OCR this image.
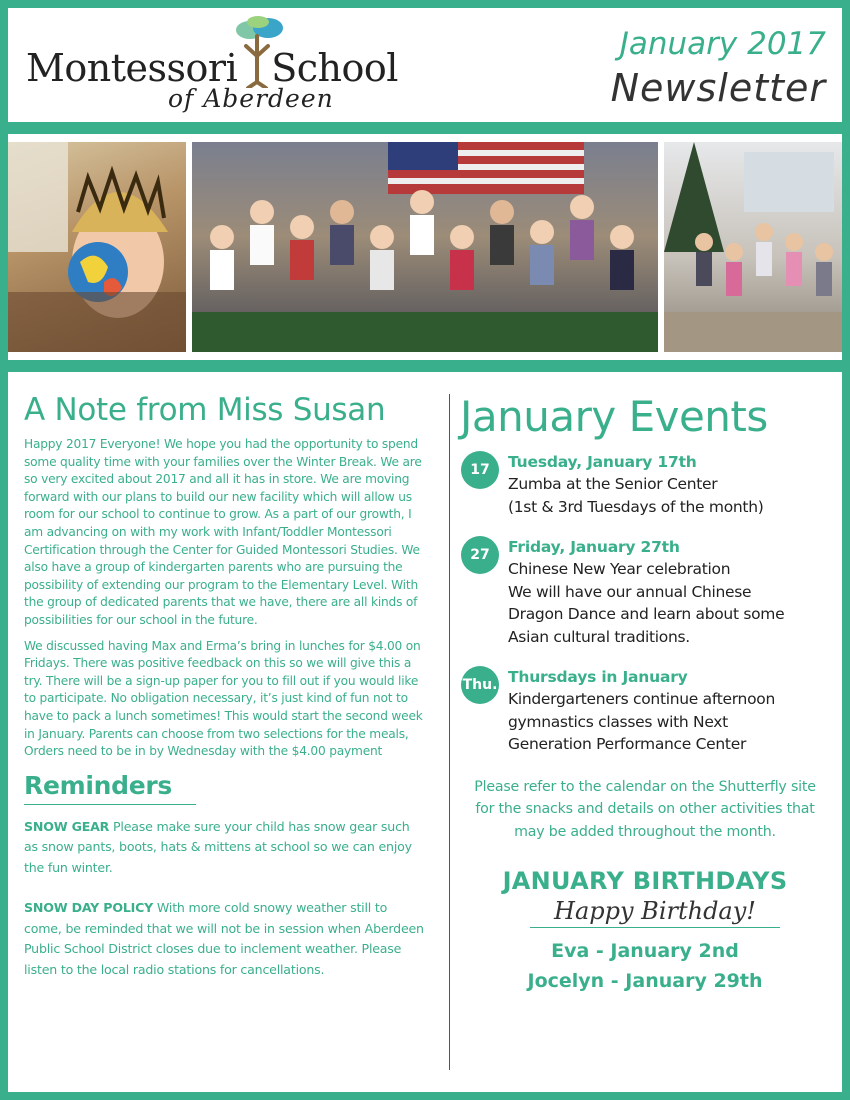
Montessori School
of Aberdeen
January 2017
Newsletter
A Note from Miss Susan

Happy 2017 Everyone! We hope you had the opportunity to spend some quality time with your families over the Winter Break. We are so very excited about 2017 and all it has in store. We are moving forward with our plans to build our new facility which will allow us room for our school to continue to grow. As a part of our growth, I am advancing on with my work with Infant/Toddler Montessori Certification through the Center for Guided Montessori Studies. We also have a group of kindergarten parents who are pursuing the possibility of extending our program to the Elementary Level. With the group of dedicated parents that we have, there are all kinds of possibilities for our school in the future.

We discussed having Max and Erma’s bring in lunches for $4.00 on Fridays. There was positive feedback on this so we will give this a try. There will be a sign-up paper for you to fill out if you would like to participate. No obligation necessary, it’s just kind of fun not to have to pack a lunch sometimes! This would start the second week in January. Parents can choose from two selections for the meals, Orders need to be in by Wednesday with the $4.00 payment

Reminders
SNOW GEAR Please make sure your child has snow gear such as snow pants, boots, hats & mittens at school so we can enjoy the fun winter.
SNOW DAY POLICY With more cold snowy weather still to come, be reminded that we will not be in session when Aberdeen Public School District closes due to inclement weather. Please listen to the local radio stations for cancellations.
January Events
17	Tuesday, January 17th
Zumba at the Senior Center
(1st & 3rd Tuesdays of the month)
27	Friday, January 27th
Chinese New Year celebration
We will have our annual Chinese
Dragon Dance and learn about some
Asian cultural traditions.
Thu. Thursdays in January
Kindergarteners continue afternoon
gymnastics classes with Next
Generation Performance Center
Please refer to the calendar on the Shutterfly site for the snacks and details on other activities that may be added throughout the month.
JANUARY BIRTHDAYS
Happy Birthday!
Eva - January 2nd
Jocelyn - January 29th
